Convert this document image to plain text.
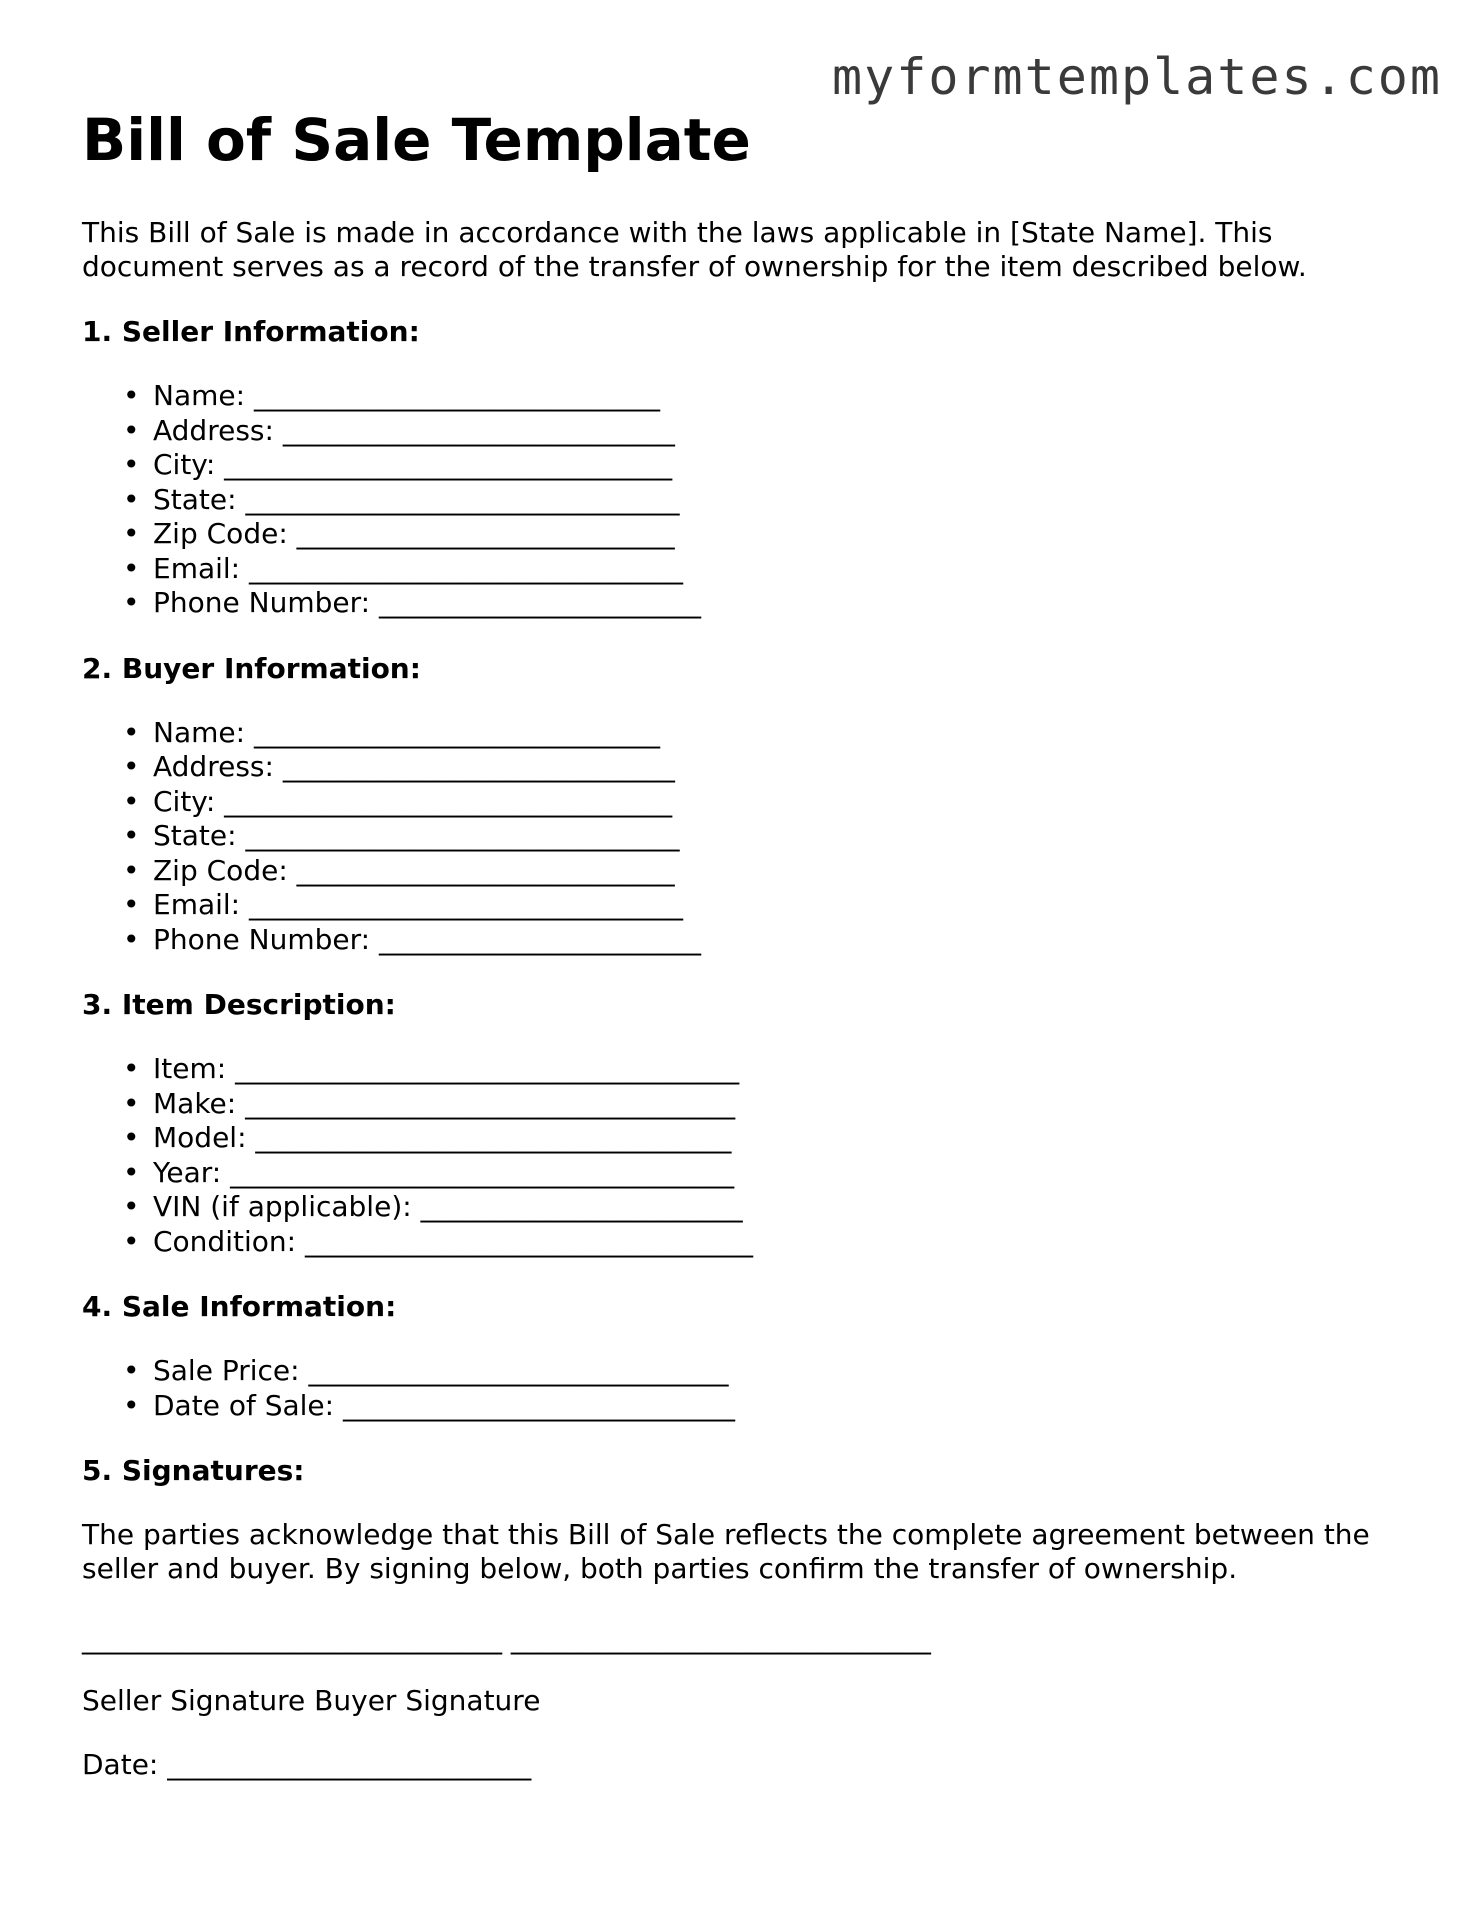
myformtemplates.com
Bill of Sale Template

This Bill of Sale is made in accordance with the laws applicable in [State Name]. This document serves as a record of the transfer of ownership for the item described below.

1. Seller Information:
• Name: _____________________________
• Address: ____________________________
• City: ________________________________
• State: _______________________________
• Zip Code: ___________________________
• Email: _______________________________
• Phone Number: _______________________
2. Buyer Information:
• Name: _____________________________
• Address: ____________________________
• City: ________________________________
• State: _______________________________
• Zip Code: ___________________________
• Email: _______________________________
• Phone Number: _______________________
3. Item Description:
• Item: ____________________________________
• Make: ___________________________________
• Model: __________________________________
• Year: ____________________________________
• VIN (if applicable): _______________________
• Condition: ________________________________
4. Sale Information:
• Sale Price: ______________________________
• Date of Sale: ____________________________
5. Signatures:

The parties acknowledge that this Bill of Sale reflects the complete agreement between the seller and buyer. By signing below, both parties confirm the transfer of ownership.

______________________________ ______________________________

Seller Signature Buyer Signature

Date: __________________________
